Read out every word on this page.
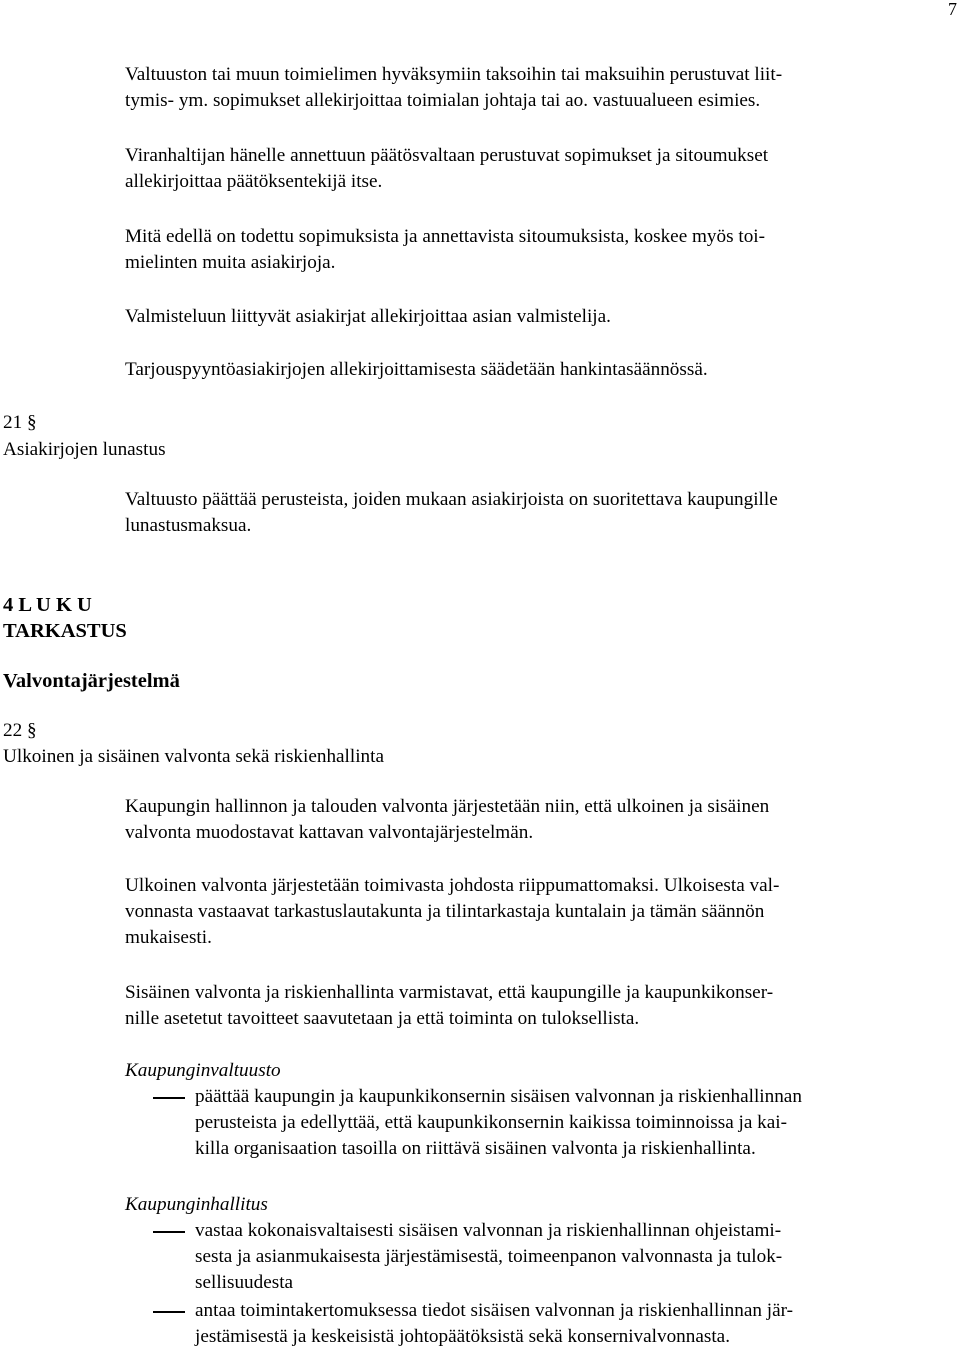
7
Valtuuston tai muun toimielimen hyväksymiin taksoihin tai maksuihin perustuvat liit-
tymis- ym. sopimukset allekirjoittaa toimialan johtaja tai ao. vastuualueen esimies.
Viranhaltijan hänelle annettuun päätösvaltaan perustuvat sopimukset ja sitoumukset
allekirjoittaa päätöksentekijä itse.
Mitä edellä on todettu sopimuksista ja annettavista sitoumuksista, koskee myös toi-
mielinten muita asiakirjoja.
Valmisteluun liittyvät asiakirjat allekirjoittaa asian valmistelija.
Tarjouspyyntöasiakirjojen allekirjoittamisesta säädetään hankintasäännössä.
21 §
Asiakirjojen lunastus
Valtuusto päättää perusteista, joiden mukaan asiakirjoista on suoritettava kaupungille
lunastusmaksua.
4 L U K U
TARKASTUS
Valvontajärjestelmä
22 §
Ulkoinen ja sisäinen valvonta sekä riskienhallinta
Kaupungin hallinnon ja talouden valvonta järjestetään niin, että ulkoinen ja sisäinen
valvonta muodostavat kattavan valvontajärjestelmän.
Ulkoinen valvonta järjestetään toimivasta johdosta riippumattomaksi. Ulkoisesta val-
vonnasta vastaavat tarkastuslautakunta ja tilintarkastaja kuntalain ja tämän säännön
mukaisesti.
Sisäinen valvonta ja riskienhallinta varmistavat, että kaupungille ja kaupunkikonser-
nille asetetut tavoitteet saavutetaan ja että toiminta on tuloksellista.
Kaupunginvaltuusto
päättää kaupungin ja kaupunkikonsernin sisäisen valvonnan ja riskienhallinnan
perusteista ja edellyttää, että kaupunkikonsernin kaikissa toiminnoissa ja kai-
killa organisaation tasoilla on riittävä sisäinen valvonta ja riskienhallinta.
Kaupunginhallitus
vastaa kokonaisvaltaisesti sisäisen valvonnan ja riskienhallinnan ohjeistami-
sesta ja asianmukaisesta järjestämisestä, toimeenpanon valvonnasta ja tulok-
sellisuudesta
antaa toimintakertomuksessa tiedot sisäisen valvonnan ja riskienhallinnan jär-
jestämisestä ja keskeisistä johtopäätöksistä sekä konsernivalvonnasta.
